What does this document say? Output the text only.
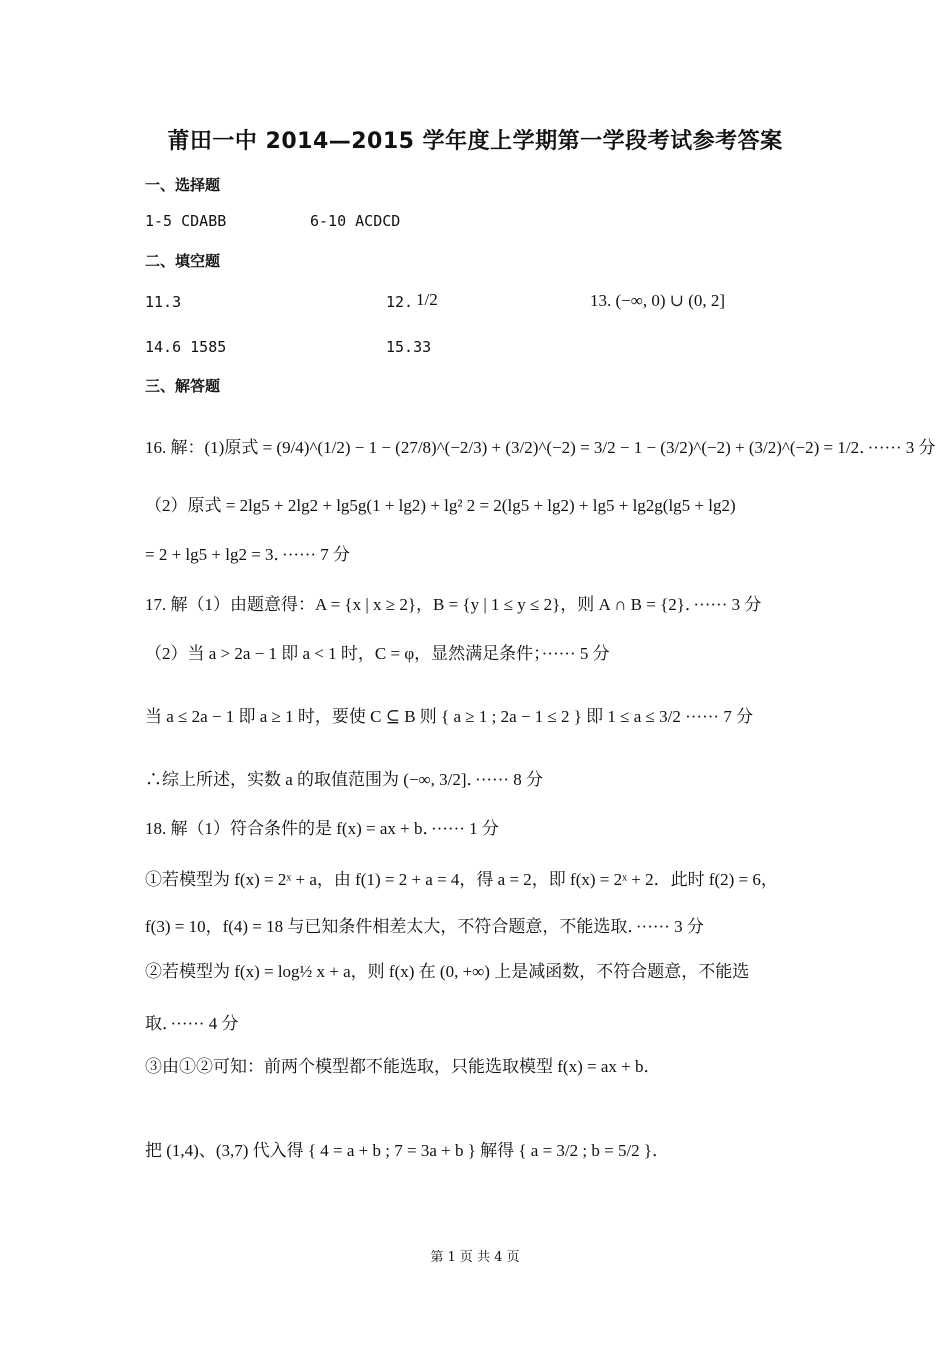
莆田一中 2014—2015 学年度上学期第一学段考试参考答案
一、选择题
1-5 CDABB	6-10 ACDCD
二、填空题
11.3	12. 1/2	13. (−∞, 0) ∪ (0, 2]
14.6 1585	15.33
三、解答题
16. 解：(1)原式 = (9/4)^(1/2) − 1 − (27/8)^(−2/3) + (3/2)^(−2) = 3/2 − 1 − (3/2)^(−2) + (3/2)^(−2) = 1/2．······ 3 分
（2）原式 = 2lg5 + 2lg2 + lg5g(1 + lg2) + lg² 2 = 2(lg5 + lg2) + lg5 + lg2g(lg5 + lg2)
= 2 + lg5 + lg2 = 3．······ 7 分
17. 解（1）由题意得：A = {x | x ≥ 2}，B = {y | 1 ≤ y ≤ 2}，则 A ∩ B = {2}．······ 3 分
（2）当 a > 2a − 1 即 a < 1 时，C = φ，显然满足条件；······ 5 分
当 a ≤ 2a − 1 即 a ≥ 1 时，要使 C ⊆ B 则 { a ≥ 1 ; 2a − 1 ≤ 2 } 即 1 ≤ a ≤ 3/2 ······ 7 分
∴综上所述，实数 a 的取值范围为 (−∞, 3/2]．······ 8 分
18. 解（1）符合条件的是 f(x) = ax + b．······ 1 分
①若模型为 f(x) = 2ˣ + a，由 f(1) = 2 + a = 4，得 a = 2，即 f(x) = 2ˣ + 2．此时 f(2) = 6，
f(3) = 10，f(4) = 18 与已知条件相差太大，不符合题意，不能选取．······ 3 分
②若模型为 f(x) = log½ x + a，则 f(x) 在 (0, +∞) 上是减函数，不符合题意，不能选
取．······ 4 分
③由①②可知：前两个模型都不能选取，只能选取模型 f(x) = ax + b．
把 (1,4)、(3,7) 代入得 { 4 = a + b ; 7 = 3a + b } 解得 { a = 3/2 ; b = 5/2 }．
第 1 页 共 4 页
